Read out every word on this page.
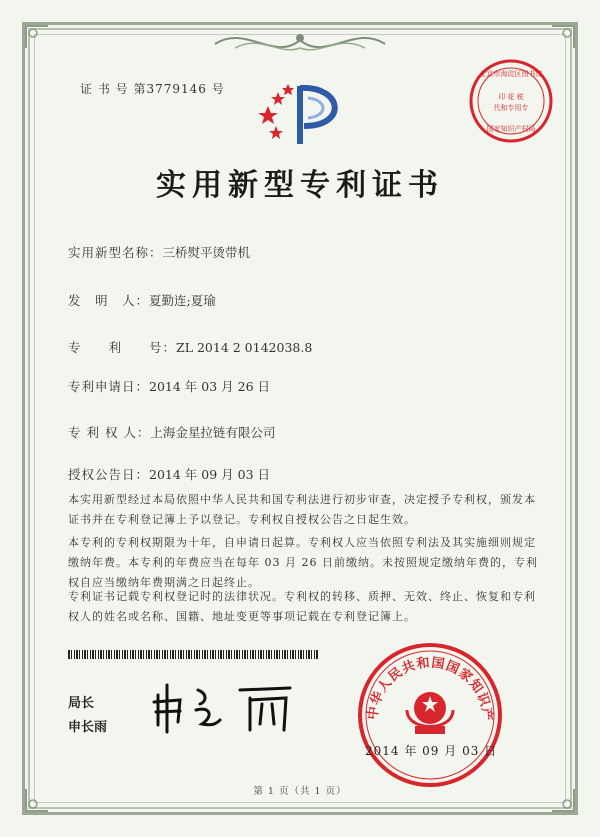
证 书 号 第3779146 号
北京市海淀区图书馆
印 花 税
代和专用专
国家知识产权局
实用新型专利证书
实用新型名称：三桥熨平烫带机
发　明　人：夏勤连;夏瑜
专　　利　　号：ZL 2014 2 0142038.8
专利申请日：2014 年 03 月 26 日
专 利 权 人：上海金星拉链有限公司
授权公告日：2014 年 09 月 03 日
本实用新型经过本局依照中华人民共和国专利法进行初步审查，决定授予专利权，颁发本证书并在专利登记簿上予以登记。专利权自授权公告之日起生效。
本专利的专利权期限为十年，自申请日起算。专利权人应当依照专利法及其实施细则规定缴纳年费。本专利的年费应当在每年 03 月 26 日前缴纳。未按照规定缴纳年费的，专利权自应当缴纳年费期满之日起终止。
专利证书记载专利权登记时的法律状况。专利权的转移、质押、无效、终止、恢复和专利权人的姓名或名称、国籍、地址变更等事项记载在专利登记簿上。
局长
申长雨
中华人民共和国国家知识产
2014 年 09 月 03 日
第 1 页（共 1 页）
